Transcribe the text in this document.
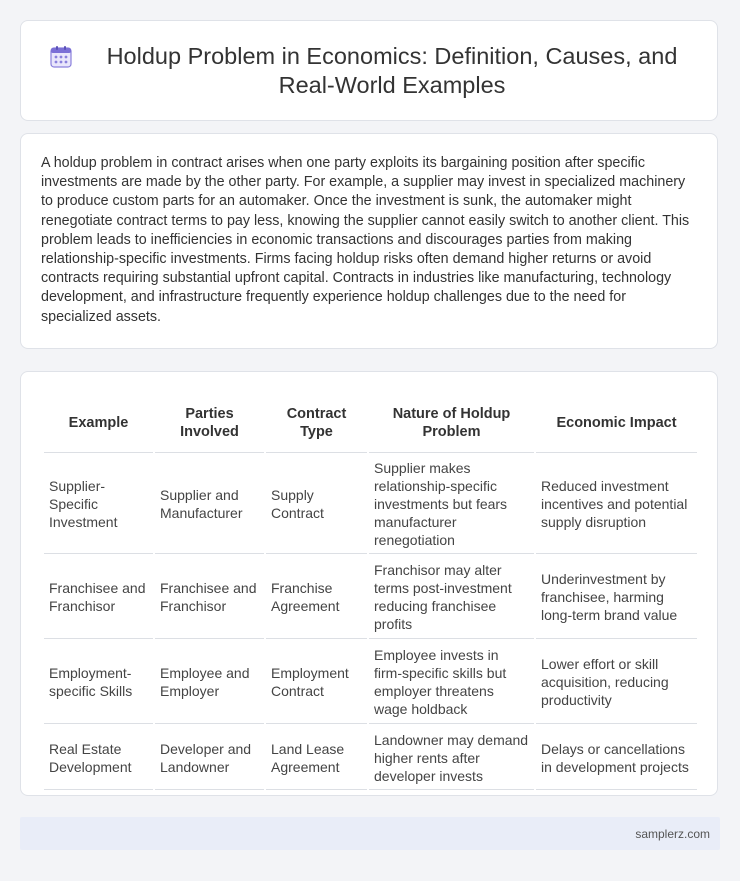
Holdup Problem in Economics: Definition, Causes, and Real-World Examples

A holdup problem in contract arises when one party exploits its bargaining position after specific investments are made by the other party. For example, a supplier may invest in specialized machinery to produce custom parts for an automaker. Once the investment is sunk, the automaker might renegotiate contract terms to pay less, knowing the supplier cannot easily switch to another client. This problem leads to inefficiencies in economic transactions and discourages parties from making relationship-specific investments. Firms facing holdup risks often demand higher returns or avoid contracts requiring substantial upfront capital. Contracts in industries like manufacturing, technology development, and infrastructure frequently experience holdup challenges due to the need for specialized assets.

Example	Parties Involved	Contract Type	Nature of Holdup Problem	Economic Impact
Supplier-Specific Investment	Supplier and Manufacturer	Supply Contract	Supplier makes relationship-specific investments but fears manufacturer renegotiation	Reduced investment incentives and potential supply disruption
Franchisee and Franchisor	Franchisee and Franchisor	Franchise Agreement	Franchisor may alter terms post-investment reducing franchisee profits	Underinvestment by franchisee, harming long-term brand value
Employment-specific Skills	Employee and Employer	Employment Contract	Employee invests in firm-specific skills but employer threatens wage holdback	Lower effort or skill acquisition, reducing productivity
Real Estate Development	Developer and Landowner	Land Lease Agreement	Landowner may demand higher rents after developer invests	Delays or cancellations in development projects
samplerz.com
